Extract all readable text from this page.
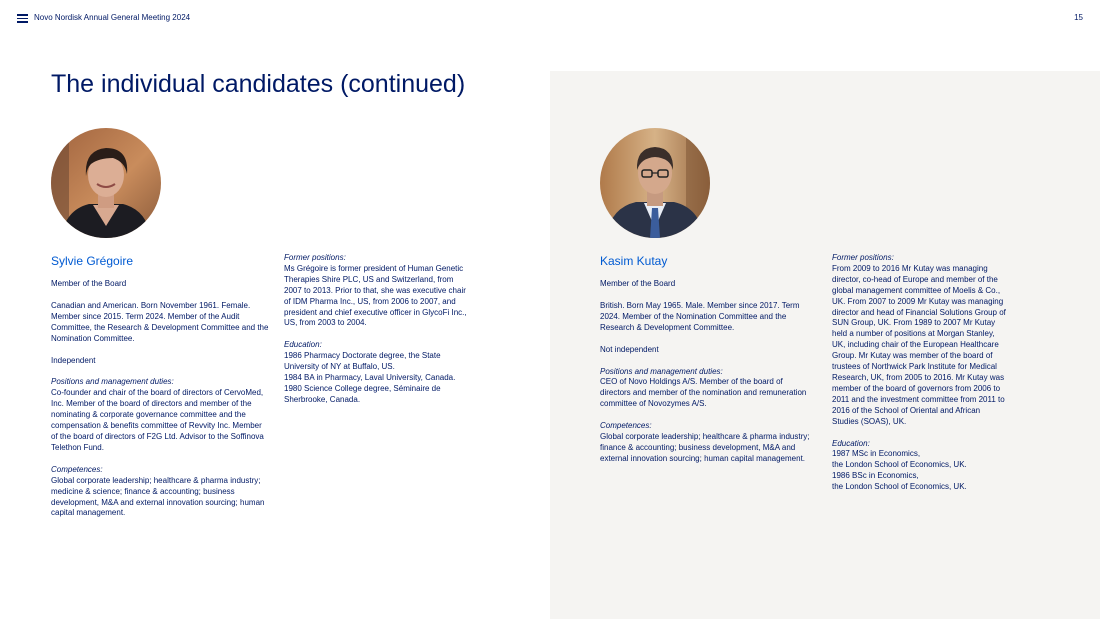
Novo Nordisk Annual General Meeting 2024	15
The individual candidates (continued)

Sylvie Grégoire

Member of the Board

Canadian and American. Born November 1961. Female. Member since 2015. Term 2024. Member of the Audit Committee, the Research & Development Committee and the Nomination Committee.

Independent

Positions and management duties:

Co-founder and chair of the board of directors of CervoMed, Inc. Member of the board of directors and member of the nominating & corporate governance committee and the compensation & benefits committee of Revvity Inc. Member of the board of directors of F2G Ltd. Advisor to the Soffinova Telethon Fund.

Competences:

Global corporate leadership; healthcare & pharma industry; medicine & science; finance & accounting; business development, M&A and external innovation sourcing; human capital management.

Former positions:

Ms Grégoire is former president of Human Genetic Therapies Shire PLC, US and Switzerland, from 2007 to 2013. Prior to that, she was executive chair of IDM Pharma Inc., US, from 2006 to 2007, and president and chief executive officer in GlycoFi Inc., US, from 2003 to 2004.

Education:

1986 Pharmacy Doctorate degree, the State
University of NY at Buffalo, US.
1984 BA in Pharmacy, Laval University, Canada.
1980 Science College degree, Séminaire de Sherbrooke, Canada.

Kasim Kutay

Member of the Board

British. Born May 1965. Male. Member since 2017. Term 2024. Member of the Nomination Committee and the Research & Development Committee.

Not independent

Positions and management duties:

CEO of Novo Holdings A/S. Member of the board of directors and member of the nomination and remuneration committee of Novozymes A/S.

Competences:

Global corporate leadership; healthcare & pharma industry; finance & accounting; business development, M&A and external innovation sourcing; human capital management.

Former positions:

From 2009 to 2016 Mr Kutay was managing director, co-head of Europe and member of the global management committee of Moelis & Co., UK. From 2007 to 2009 Mr Kutay was managing director and head of Financial Solutions Group of SUN Group, UK. From 1989 to 2007 Mr Kutay held a number of positions at Morgan Stanley, UK, including chair of the European Healthcare Group. Mr Kutay was member of the board of trustees of Northwick Park Institute for Medical Research, UK, from 2005 to 2016. Mr Kutay was member of the board of governors from 2006 to 2011 and the investment committee from 2011 to 2016 of the School of Oriental and African Studies (SOAS), UK.

Education:

1987 MSc in Economics,
the London School of Economics, UK.
1986 BSc in Economics,
the London School of Economics, UK.
